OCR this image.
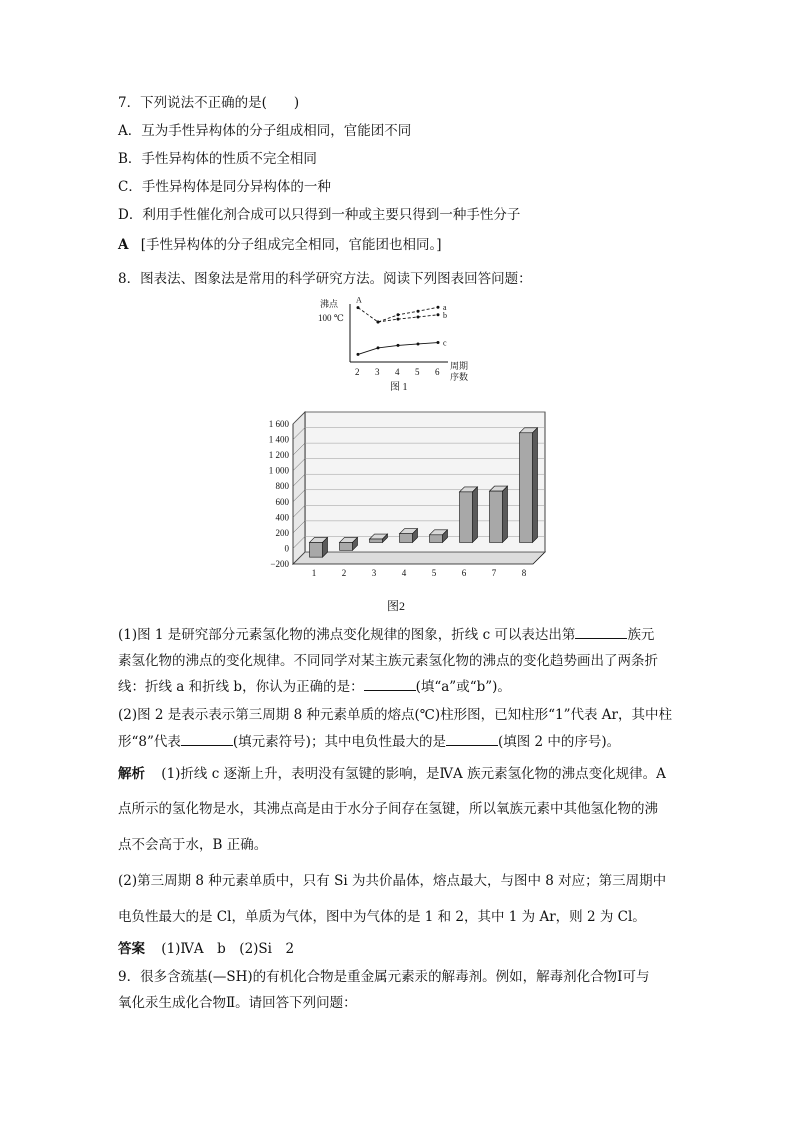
7．下列说法不正确的是(　　)
A．互为手性异构体的分子组成相同，官能团不同
B．手性异构体的性质不完全相同
C．手性异构体是同分异构体的一种
D．利用手性催化剂合成可以只得到一种或主要只得到一种手性分子
A [手性异构体的分子组成完全相同，官能团也相同。]
8．图表法、图象法是常用的科学研究方法。阅读下列图表回答问题：
沸点
100 ℃
2 3 4 5 6
a
b
c
A
周期
序数
图 1
1 600
1 400
1 200
1 000
800
600
400
200
0
−200
1	2	3	4	5	6	7	8
图2
(1)图 1 是研究部分元素氢化物的沸点变化规律的图象，折线 c 可以表达出第	族元
素氢化物的沸点的变化规律。不同同学对某主族元素氢化物的沸点的变化趋势画出了两条折
线：折线 a 和折线 b，你认为正确的是：	(填“a”或“b”)。
(2)图 2 是表示表示第三周期 8 种元素单质的熔点(℃)柱形图，已知柱形“1”代表 Ar，其中柱
形“8”代表	(填元素符号)；其中电负性最大的是	(填图 2 中的序号)。
解析 (1)折线 c 逐渐上升，表明没有氢键的影响，是ⅣA 族元素氢化物的沸点变化规律。A
点所示的氢化物是水，其沸点高是由于水分子间存在氢键，所以氧族元素中其他氢化物的沸
点不会高于水，B 正确。
(2)第三周期 8 种元素单质中，只有 Si 为共价晶体，熔点最大，与图中 8 对应；第三周期中
电负性最大的是 Cl，单质为气体，图中为气体的是 1 和 2，其中 1 为 Ar，则 2 为 Cl。
答案 (1)ⅣA　b　(2)Si　2
9．很多含巯基(—SH)的有机化合物是重金属元素汞的解毒剂。例如，解毒剂化合物Ⅰ可与
氧化汞生成化合物Ⅱ。请回答下列问题：
